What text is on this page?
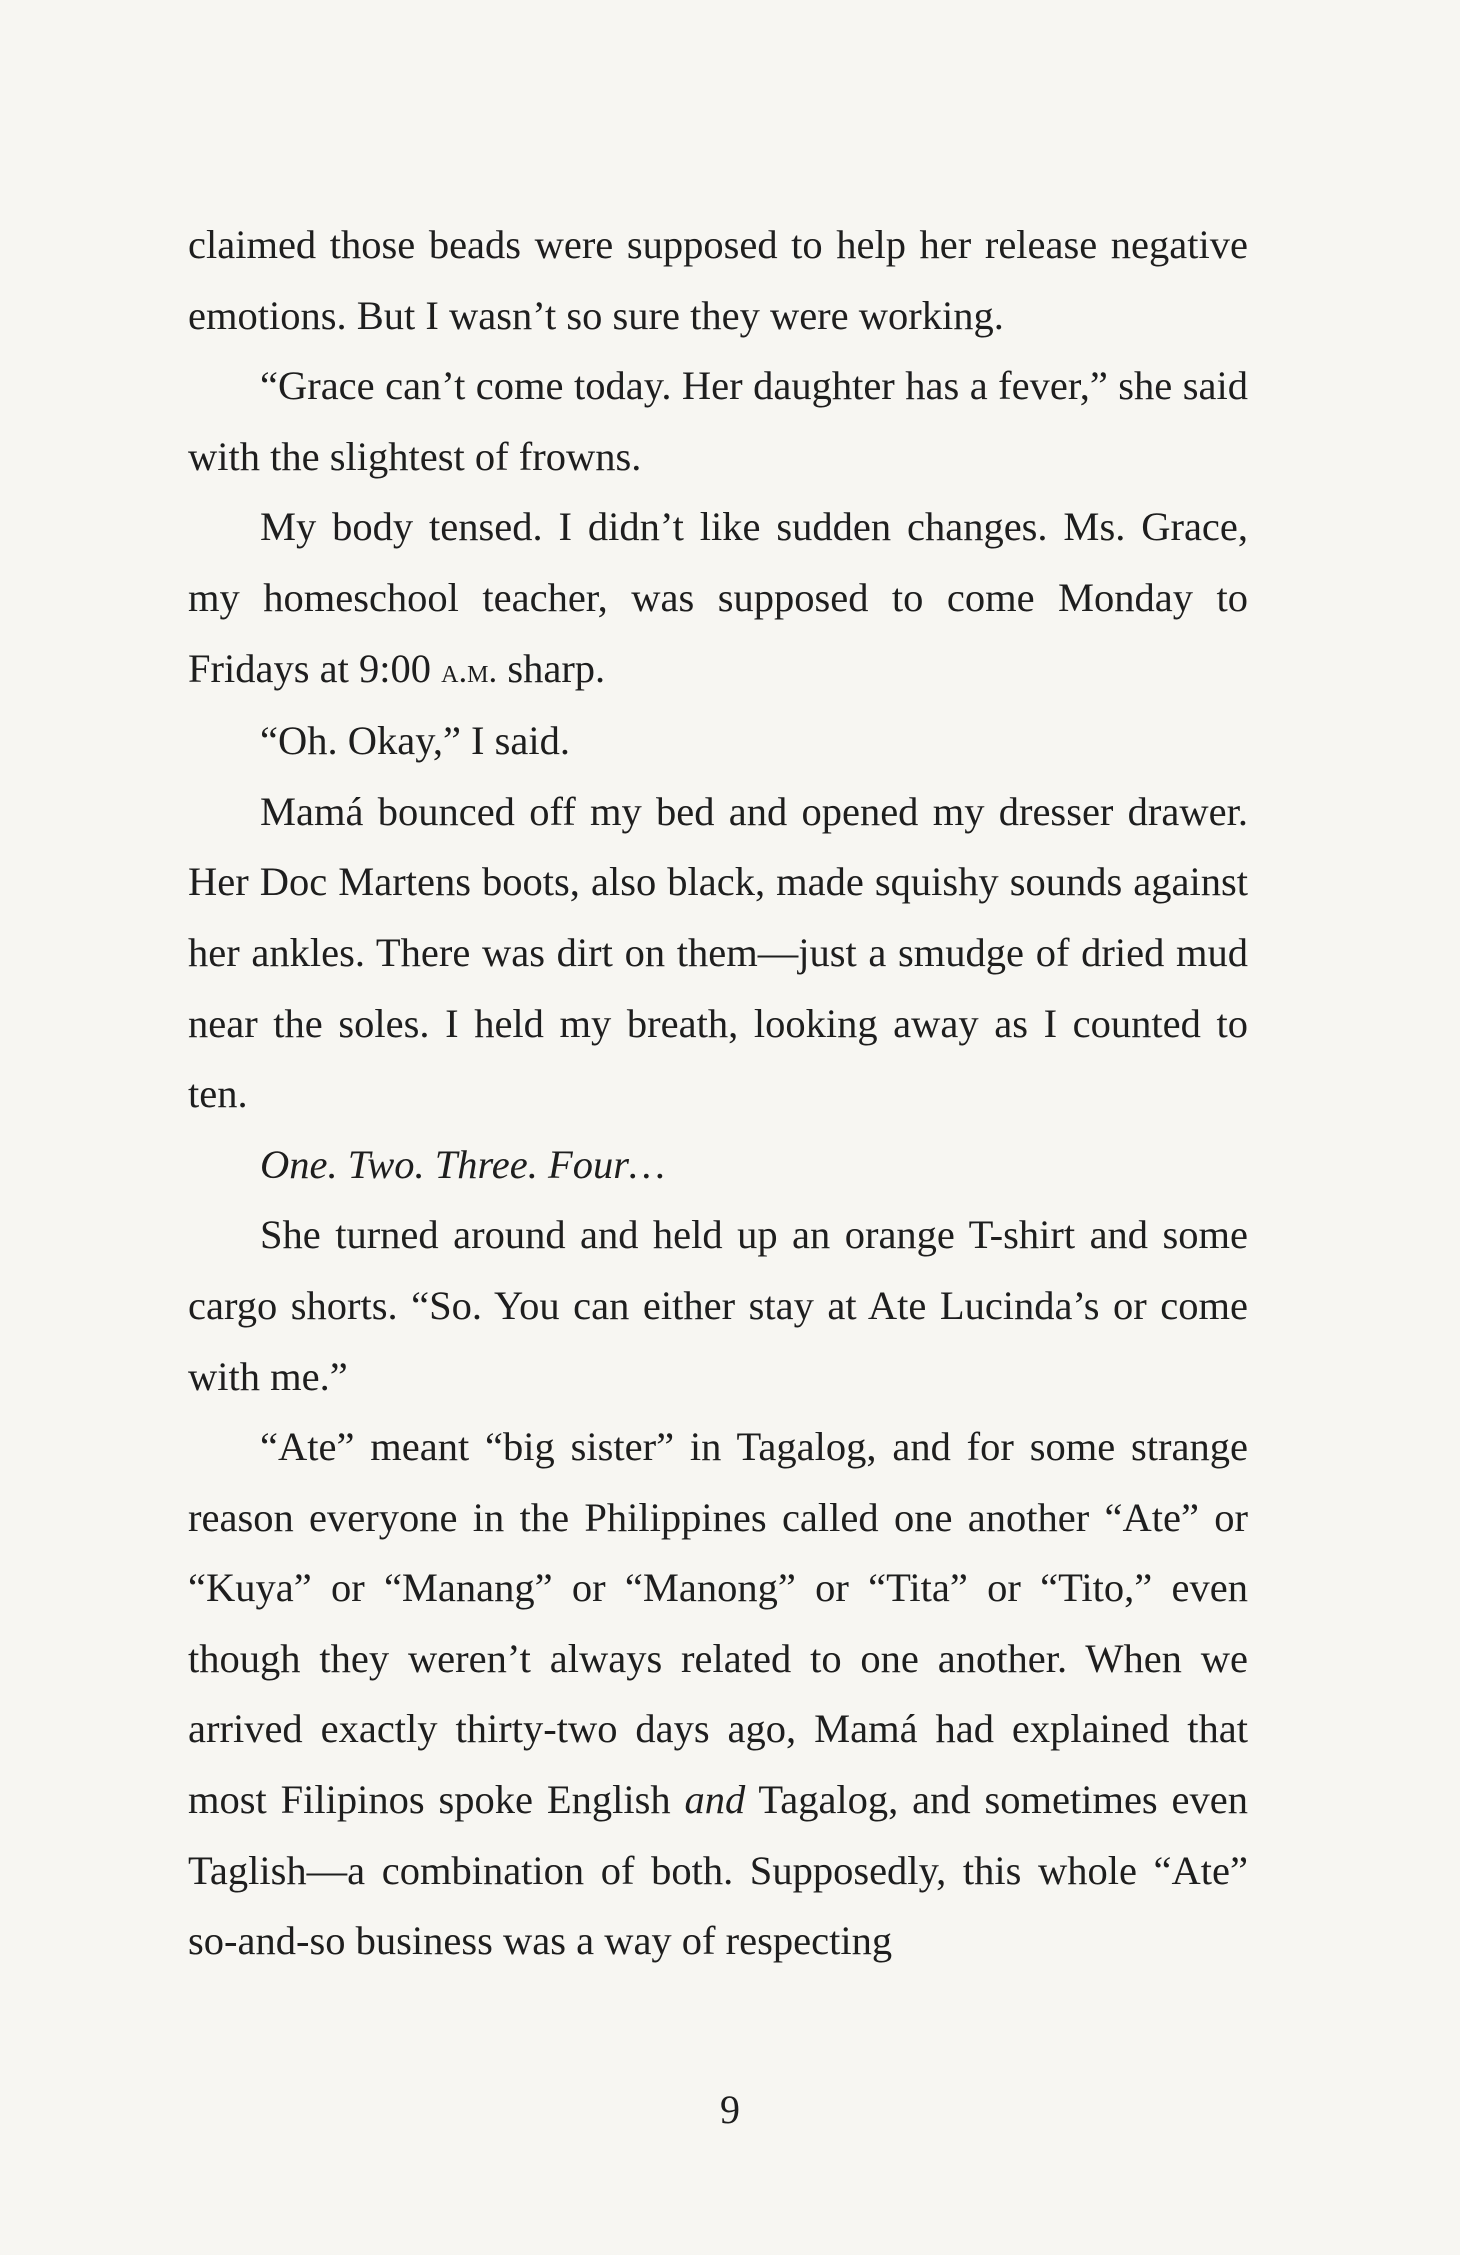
claimed those beads were supposed to help her release negative emotions. But I wasn’t so sure they were working.

“Grace can’t come today. Her daughter has a fever,” she said with the slightest of frowns.

My body tensed. I didn’t like sudden changes. Ms. Grace, my homeschool teacher, was supposed to come Monday to Fridays at 9:00 a.m. sharp.

“Oh. Okay,” I said.

Mamá bounced off my bed and opened my dresser drawer. Her Doc Martens boots, also black, made squishy sounds against her ankles. There was dirt on them—just a smudge of dried mud near the soles. I held my breath, looking away as I counted to ten.

One. Two. Three. Four…

She turned around and held up an orange T-shirt and some cargo shorts. “So. You can either stay at Ate Lucinda’s or come with me.”

“Ate” meant “big sister” in Tagalog, and for some strange reason everyone in the Philippines called one another “Ate” or “Kuya” or “Manang” or “Manong” or “Tita” or “Tito,” even though they weren’t always related to one another. When we arrived exactly thirty-two days ago, Mamá had explained that most Filipinos spoke English and Tagalog, and sometimes even Taglish—a combination of both. Supposedly, this whole “Ate” so-and-so business was a way of respecting

9
